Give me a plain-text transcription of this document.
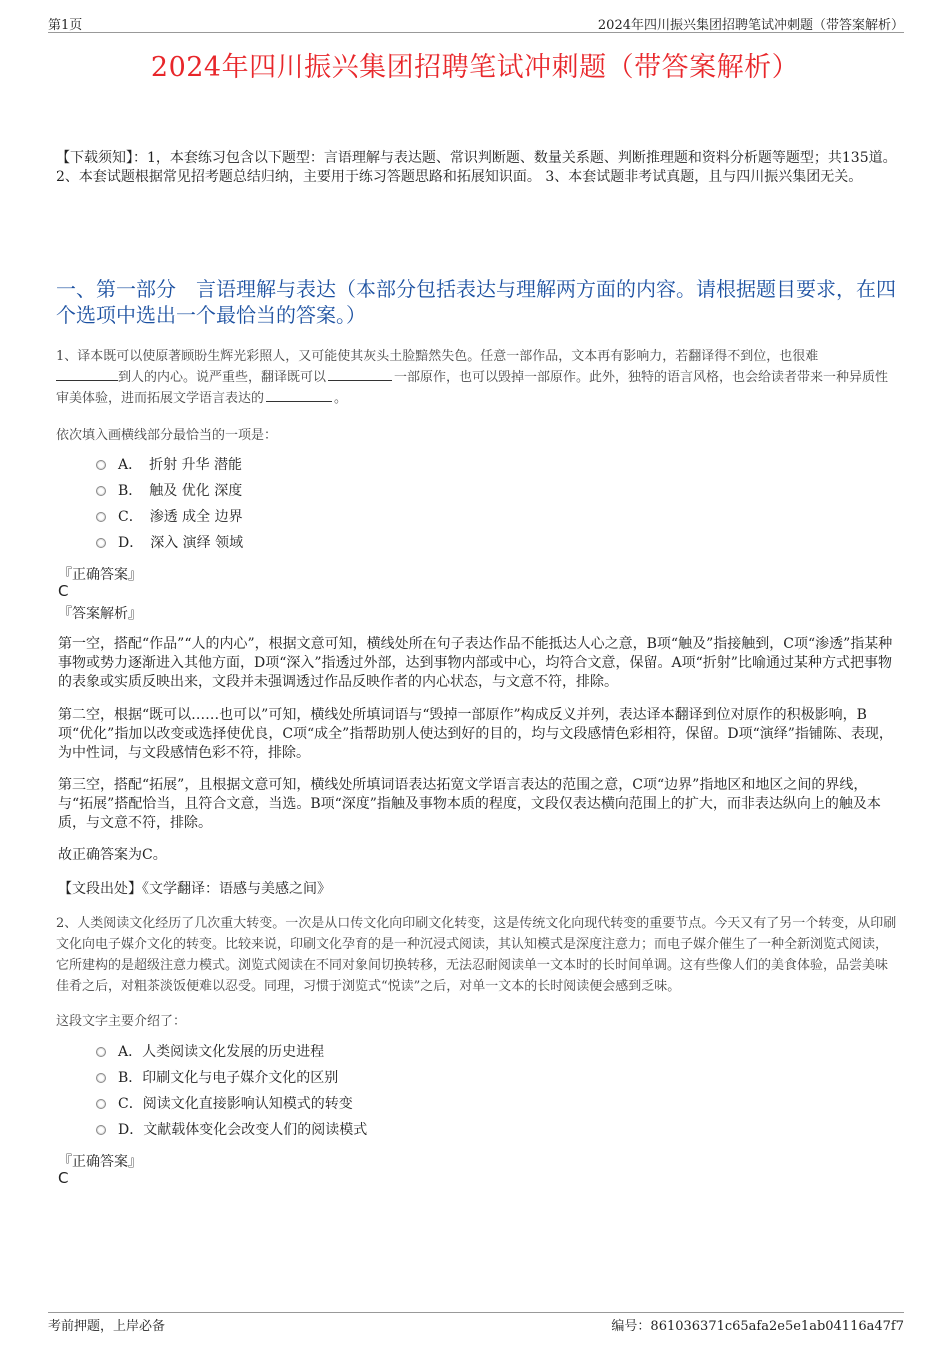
第1页	2024年四川振兴集团招聘笔试冲刺题（带答案解析）
2024年四川振兴集团招聘笔试冲刺题（带答案解析）
【下载须知】：1，本套练习包含以下题型：言语理解与表达题、常识判断题、数量关系题、判断推理题和资料分析题等题型；共135道。 2、本套试题根据常见招考题总结归纳，主要用于练习答题思路和拓展知识面。 3、本套试题非考试真题，且与四川振兴集团无关。
一、第一部分　言语理解与表达（本部分包括表达与理解两方面的内容。请根据题目要求，在四个选项中选出一个最恰当的答案。）
1、译本既可以使原著顾盼生辉光彩照人，又可能使其灰头土脸黯然失色。任意一部作品，文本再有影响力，若翻译得不到位，也很难
到人的内心。说严重些，翻译既可以	一部原作，也可以毁掉一部原作。此外，独特的语言风格，也会给读者带来一种异质性审美体验，进而拓展文学语言表达的	。
依次填入画横线部分最恰当的一项是：
A．　折射 升华 潜能
B．　触及 优化 深度
C．　渗透 成全 边界
D．　深入 演绎 领域
『正确答案』
C
『答案解析』
第一空，搭配“作品”“人的内心”，根据文意可知，横线处所在句子表达作品不能抵达人心之意，B项“触及”指接触到，C项“渗透”指某种事物或势力逐渐进入其他方面，D项“深入”指透过外部，达到事物内部或中心，均符合文意，保留。A项“折射”比喻通过某种方式把事物的表象或实质反映出来，文段并未强调透过作品反映作者的内心状态，与文意不符，排除。
第二空，根据“既可以……也可以”可知，横线处所填词语与“毁掉一部原作”构成反义并列，表达译本翻译到位对原作的积极影响，B项“优化”指加以改变或选择使优良，C项“成全”指帮助别人使达到好的目的，均与文段感情色彩相符，保留。D项“演绎”指铺陈、表现，为中性词，与文段感情色彩不符，排除。
第三空，搭配“拓展”，且根据文意可知，横线处所填词语表达拓宽文学语言表达的范围之意，C项“边界”指地区和地区之间的界线，与“拓展”搭配恰当，且符合文意，当选。B项“深度”指触及事物本质的程度，文段仅表达横向范围上的扩大，而非表达纵向上的触及本质，与文意不符，排除。
故正确答案为C。
【文段出处】《文学翻译：语感与美感之间》
2、人类阅读文化经历了几次重大转变。一次是从口传文化向印刷文化转变，这是传统文化向现代转变的重要节点。今天又有了另一个转变，从印刷文化向电子媒介文化的转变。比较来说，印刷文化孕育的是一种沉浸式阅读，其认知模式是深度注意力；而电子媒介催生了一种全新浏览式阅读，它所建构的是超级注意力模式。浏览式阅读在不同对象间切换转移，无法忍耐阅读单一文本时的长时间单调。这有些像人们的美食体验，品尝美味佳肴之后，对粗茶淡饭便难以忍受。同理，习惯于浏览式“悦读”之后，对单一文本的长时阅读便会感到乏味。
这段文字主要介绍了：
A．人类阅读文化发展的历史进程
B．印刷文化与电子媒介文化的区别
C．阅读文化直接影响认知模式的转变
D．文献载体变化会改变人们的阅读模式
『正确答案』
C
考前押题，上岸必备	编号：861036371c65afa2e5e1ab04116a47f7
